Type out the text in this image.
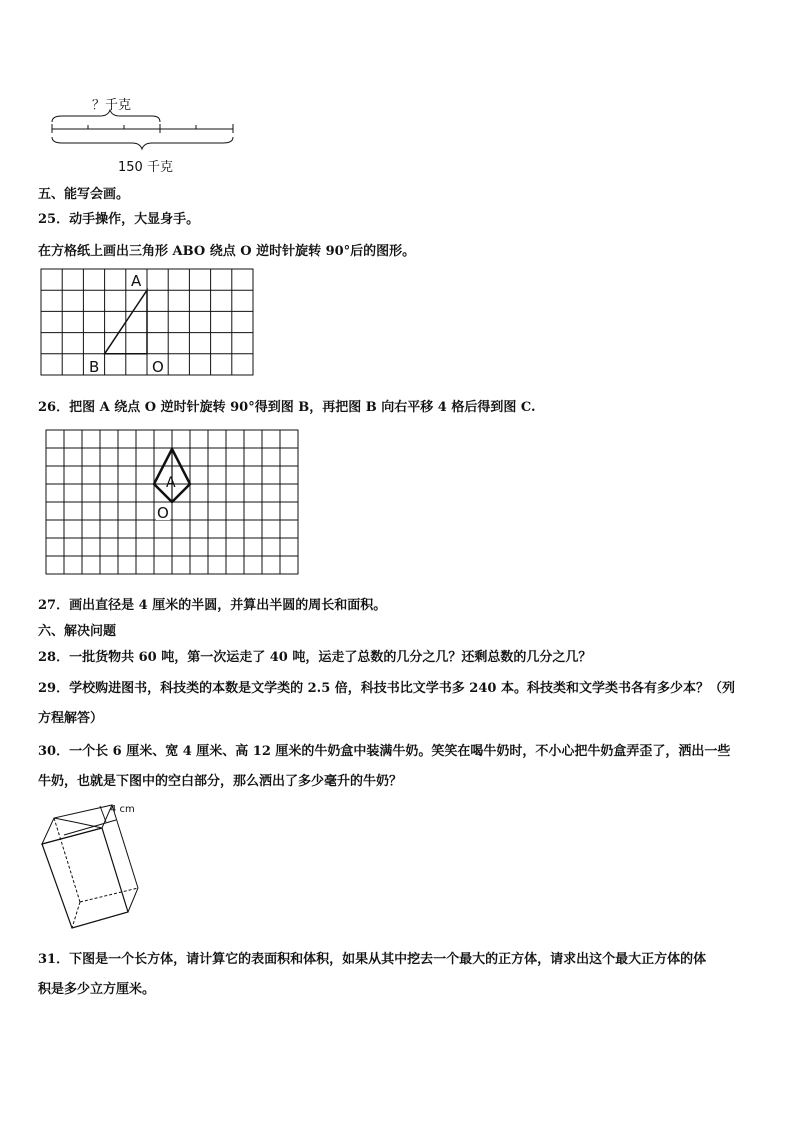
？千克
150 千克
五、能写会画。
25．动手操作，大显身手。
在方格纸上画出三角形 ABO 绕点 O 逆时针旋转 90°后的图形。
A
B	O
26．把图 A 绕点 O 逆时针旋转 90°得到图 B，再把图 B 向右平移 4 格后得到图 C.
A
O
27．画出直径是 4 厘米的半圆，并算出半圆的周长和面积。
六、解决问题
28．一批货物共 60 吨，第一次运走了 40 吨，运走了总数的几分之几？还剩总数的几分之几？
29．学校购进图书，科技类的本数是文学类的 2.5 倍，科技书比文学书多 240 本。科技类和文学类书各有多少本？（列
方程解答）
30．一个长 6 厘米、宽 4 厘米、高 12 厘米的牛奶盒中装满牛奶。笑笑在喝牛奶时，不小心把牛奶盒弄歪了，洒出一些
牛奶，也就是下图中的空白部分，那么洒出了多少毫升的牛奶？
4 cm
31．下图是一个长方体，请计算它的表面积和体积，如果从其中挖去一个最大的正方体，请求出这个最大正方体的体
积是多少立方厘米。
